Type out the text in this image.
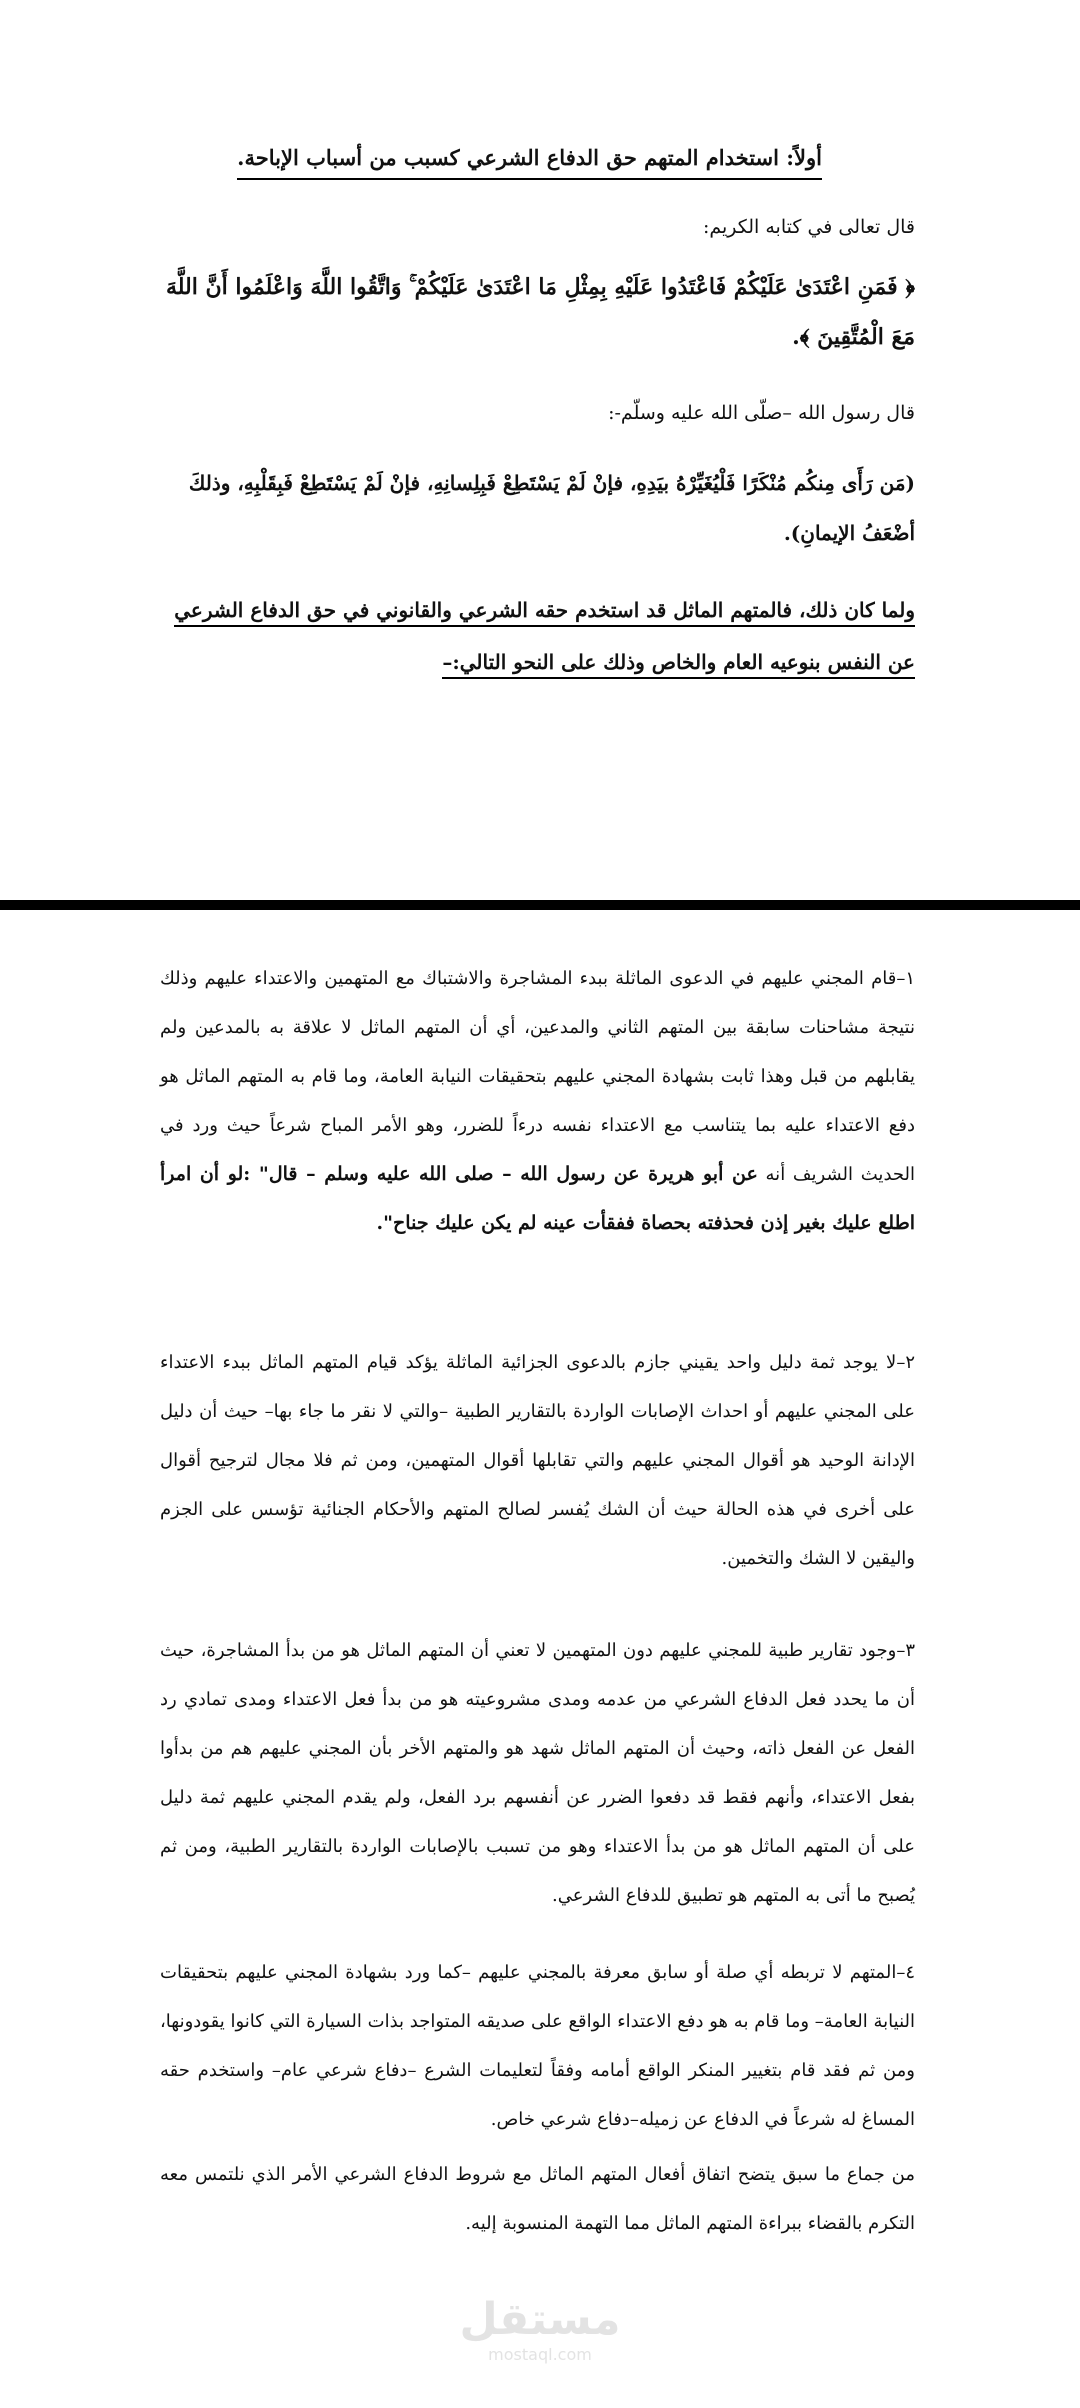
أولاً: استخدام المتهم حق الدفاع الشرعي كسبب من أسباب الإباحة.
قال تعالى في كتابه الكريم:
﴿ فَمَنِ اعْتَدَىٰ عَلَيْكُمْ فَاعْتَدُوا عَلَيْهِ بِمِثْلِ مَا اعْتَدَىٰ عَلَيْكُمْ ۚ وَاتَّقُوا اللَّهَ وَاعْلَمُوا أَنَّ اللَّهَ مَعَ الْمُتَّقِينَ ﴾.
قال رسول الله –صلّى الله عليه وسلّم-:
(مَن رَأَى مِنكُم مُنْكَرًا فَلْيُغَيِّرْهُ بيَدِهِ، فإنْ لَمْ يَسْتَطِعْ فَبِلِسانِهِ، فإنْ لَمْ يَسْتَطِعْ فَبِقَلْبِهِ، وذلكَ أضْعَفُ الإيمانِ).
ولما كان ذلك، فالمتهم الماثل قد استخدم حقه الشرعي والقانوني في حق الدفاع الشرعي عن النفس بنوعيه العام والخاص وذلك على النحو التالي:–

١–قام المجني عليهم في الدعوى الماثلة ببدء المشاجرة والاشتباك مع المتهمين والاعتداء عليهم وذلك نتيجة مشاحنات سابقة بين المتهم الثاني والمدعين، أي أن المتهم الماثل لا علاقة به بالمدعين ولم يقابلهم من قبل وهذا ثابت بشهادة المجني عليهم بتحقيقات النيابة العامة، وما قام به المتهم الماثل هو دفع الاعتداء عليه بما يتناسب مع الاعتداء نفسه درءاً للضرر، وهو الأمر المباح شرعاً حيث ورد في الحديث الشريف أنه عن أبو هريرة عن رسول الله – صلى الله عليه وسلم – قال" :لو أن امرأ اطلع عليك بغير إذن فحذفته بحصاة ففقأت عينه لم يكن عليك جناح".

٢–لا يوجد ثمة دليل واحد يقيني جازم بالدعوى الجزائية الماثلة يؤكد قيام المتهم الماثل ببدء الاعتداء على المجني عليهم أو احداث الإصابات الواردة بالتقارير الطبية –والتي لا نقر ما جاء بها– حيث أن دليل الإدانة الوحيد هو أقوال المجني عليهم والتي تقابلها أقوال المتهمين، ومن ثم فلا مجال لترجيح أقوال على أخرى في هذه الحالة حيث أن الشك يُفسر لصالح المتهم والأحكام الجنائية تؤسس على الجزم واليقين لا الشك والتخمين.

٣–وجود تقارير طبية للمجني عليهم دون المتهمين لا تعني أن المتهم الماثل هو من بدأ المشاجرة، حيث أن ما يحدد فعل الدفاع الشرعي من عدمه ومدى مشروعيته هو من بدأ فعل الاعتداء ومدى تمادي رد الفعل عن الفعل ذاته، وحيث أن المتهم الماثل شهد هو والمتهم الأخر بأن المجني عليهم هم من بدأوا بفعل الاعتداء، وأنهم فقط قد دفعوا الضرر عن أنفسهم برد الفعل، ولم يقدم المجني عليهم ثمة دليل على أن المتهم الماثل هو من بدأ الاعتداء وهو من تسبب بالإصابات الواردة بالتقارير الطبية، ومن ثم يُصبح ما أتى به المتهم هو تطبيق للدفاع الشرعي.

٤–المتهم لا تربطه أي صلة أو سابق معرفة بالمجني عليهم –كما ورد بشهادة المجني عليهم بتحقيقات النيابة العامة– وما قام به هو دفع الاعتداء الواقع على صديقه المتواجد بذات السيارة التي كانوا يقودونها، ومن ثم فقد قام بتغيير المنكر الواقع أمامه وفقاً لتعليمات الشرع –دفاع شرعي عام– واستخدم حقه المساغ له شرعاً في الدفاع عن زميله–دفاع شرعي خاص.

من جماع ما سبق يتضح اتفاق أفعال المتهم الماثل مع شروط الدفاع الشرعي الأمر الذي نلتمس معه التكرم بالقضاء ببراءة المتهم الماثل مما التهمة المنسوبة إليه.

مستقل
mostaql.com
